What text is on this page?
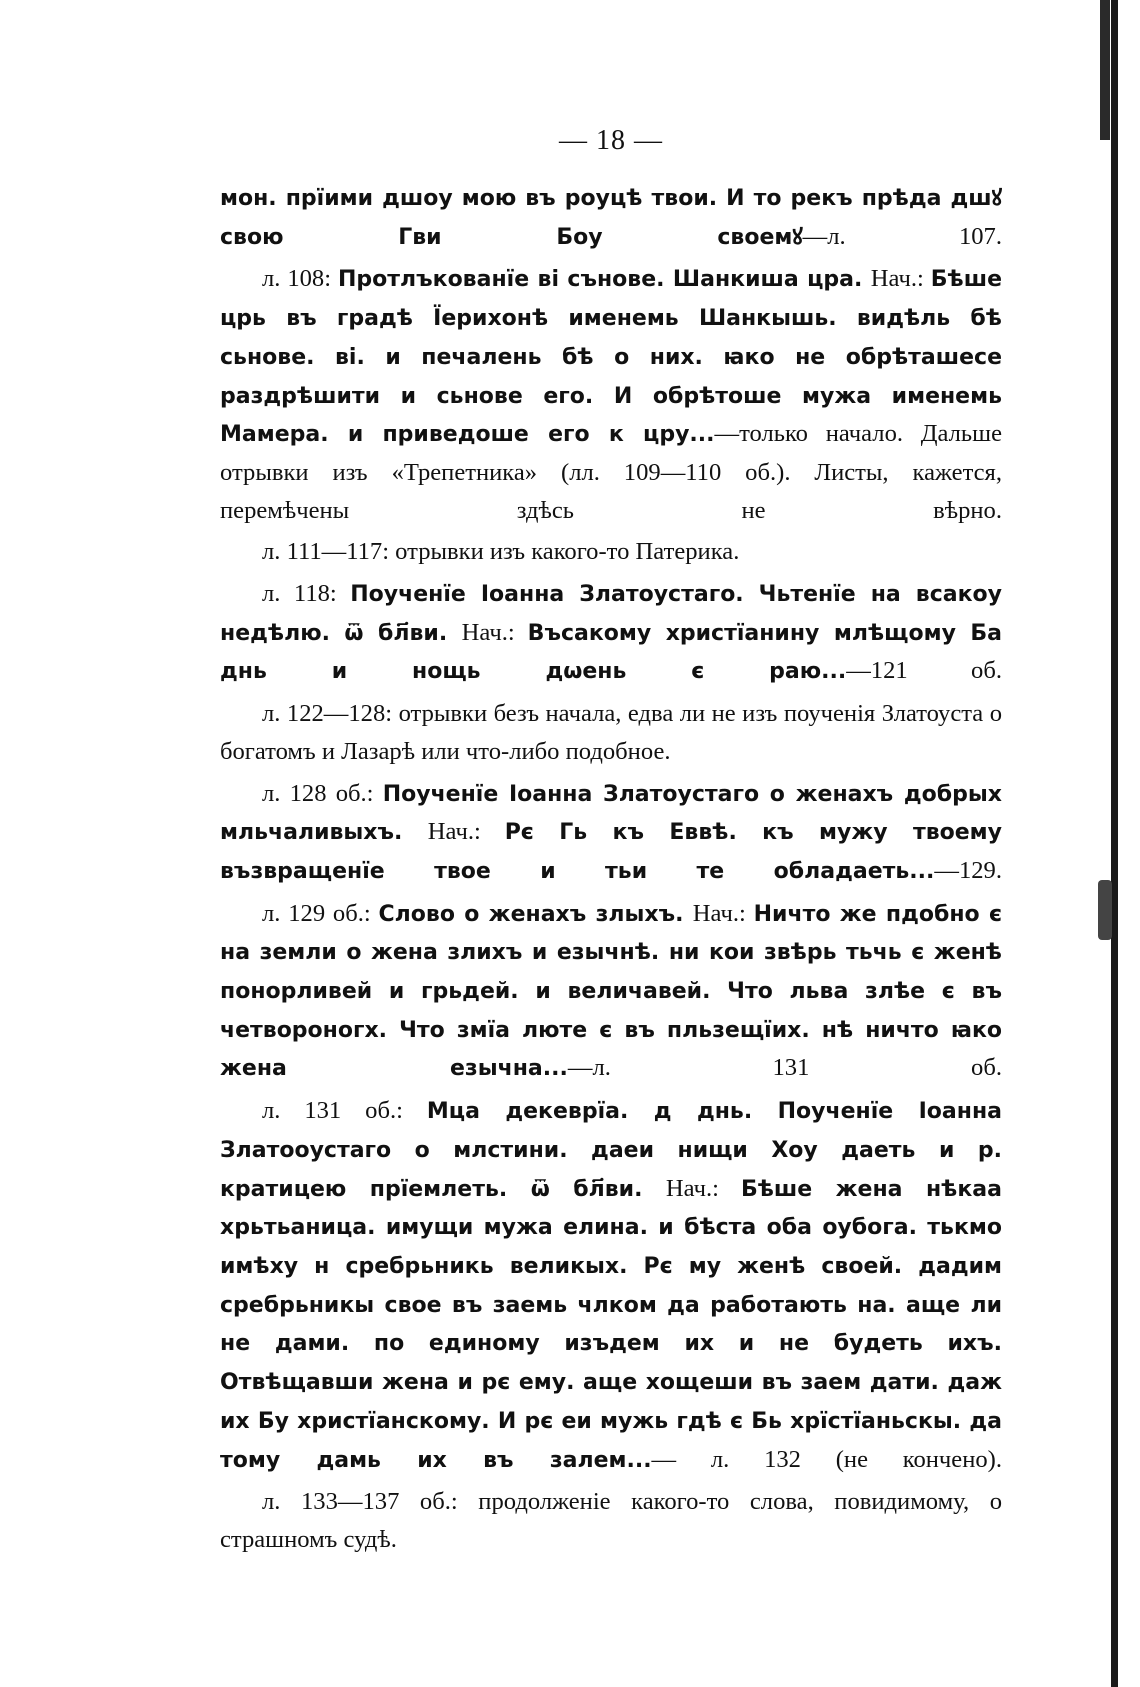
— 18 —

мон. прїими дшоу мою въ роуцѣ твои. И то рекъ прѣда дшꙋ свою Гви Боу своемꙋ—л. 107.

л. 108: Протлъкованїе ві сънове. Шанкиша цра. Нач.: Бѣше црь въ градѣ Їерихонѣ именемь Шанкышь. видѣль бѣ сьнове. ві. и печалень бѣ о них. ꙗко не обрѣташесе раздрѣшити и сьнове его. И обрѣтоше мужа именемь Мамера. и приведоше его к цру...—только начало. Дальше отрывки изъ «Трепетника» (лл. 109—110 об.). Листы, кажется, перемѣчены здѣсь не вѣрно.

л. 111—117: отрывки изъ какого-то Патерика.

л. 118: Поученїе Іоанна Златоустаго. Чьтенїе на всакоу недѣлю. ѿ бл҃ви. Нач.: Въсакому христїанину млѣщому Ба днь и нощь дѡень є раю...—121 об.

л. 122—128: отрывки безъ начала, едва ли не изъ поученія Златоуста о богатомъ и Лазарѣ или что-либо подобное.

л. 128 об.: Поученїе Іоанна Златоустаго о женахъ добрых мльчаливыхъ. Нач.: Рє Гь къ Еввѣ. къ мужу твоему възвращенїе твое и тьи те обладаеть...—129.

л. 129 об.: Слово о женахъ злыхъ. Нач.: Ничто же пдобно є на земли о жена злихъ и езычнѣ. ни кои звѣрь тьчь є женѣ понорливей и грьдей. и величавей. Что льва злѣе є въ четвороногх. Что змїа люте є въ пльзещїих. нѣ ничто ꙗко жена езычна...—л. 131 об.

л. 131 об.: Мца декеврїа. д днь. Поученїе Іоанна Златооустаго о млстини. даеи нищи Хоу даеть и р. кратицею прїемлеть. ѿ бл҃ви. Нач.: Бѣше жена нѣкаа хрьтьаница. имущи мужа елина. и бѣста оба оубога. тькмо имѣху н сребрьникь великых. Рє му женѣ своей. дадим сребрьникы свое въ заемь члком да работають на. аще ли не дами. по единому изъдем их и не будеть ихъ. Отвѣщавши жена и рє ему. аще хощеши въ заем дати. даж их Бу христїанскому. И рє еи мужь гдѣ є Бь хрїстїаньскы. да тому дамь их въ залем...— л. 132 (не кончено).

л. 133—137 об.: продолженіе какого-то слова, повидимому, о страшномъ судѣ.
